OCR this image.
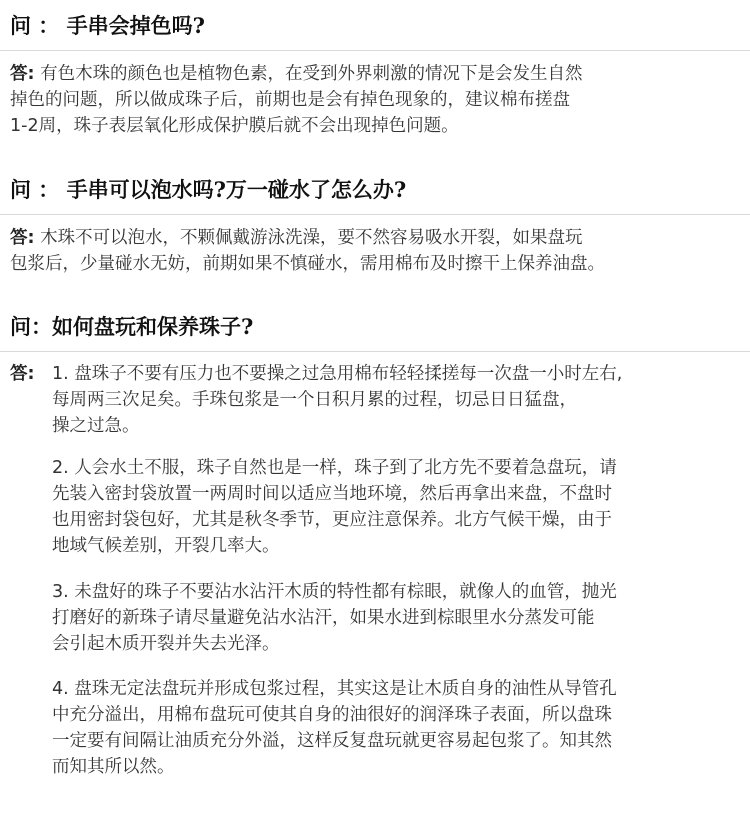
问 ： 手串会掉色吗?
答: 有色木珠的颜色也是植物色素，在受到外界刺激的情况下是会发生自然
掉色的问题，所以做成珠子后，前期也是会有掉色现象的，建议棉布搓盘
1-2周，珠子表层氧化形成保护膜后就不会出现掉色问题。
问 ： 手串可以泡水吗?万一碰水了怎么办?
答: 木珠不可以泡水，不颗佩戴游泳洗澡，要不然容易吸水开裂，如果盘玩
包浆后，少量碰水无妨，前期如果不慎碰水，需用棉布及时擦干上保养油盘。
问：如何盘玩和保养珠子?
答: 1. 盘珠子不要有压力也不要操之过急用棉布轻轻揉搓每一次盘一小时左右,
每周两三次足矣。手珠包浆是一个日积月累的过程，切忌日日猛盘，
操之过急。
2. 人会水土不服，珠子自然也是一样，珠子到了北方先不要着急盘玩，请
先装入密封袋放置一两周时间以适应当地环境，然后再拿出来盘，不盘时
也用密封袋包好，尤其是秋冬季节，更应注意保养。北方气候干燥，由于
地域气候差别，开裂几率大。
3. 未盘好的珠子不要沾水沾汗木质的特性都有棕眼，就像人的血管，抛光
打磨好的新珠子请尽量避免沾水沾汗，如果水进到棕眼里水分蒸发可能
会引起木质开裂并失去光泽。
4. 盘珠无定法盘玩并形成包浆过程，其实这是让木质自身的油性从导管孔
中充分溢出，用棉布盘玩可使其自身的油很好的润泽珠子表面，所以盘珠
一定要有间隔让油质充分外溢，这样反复盘玩就更容易起包浆了。知其然
而知其所以然。
